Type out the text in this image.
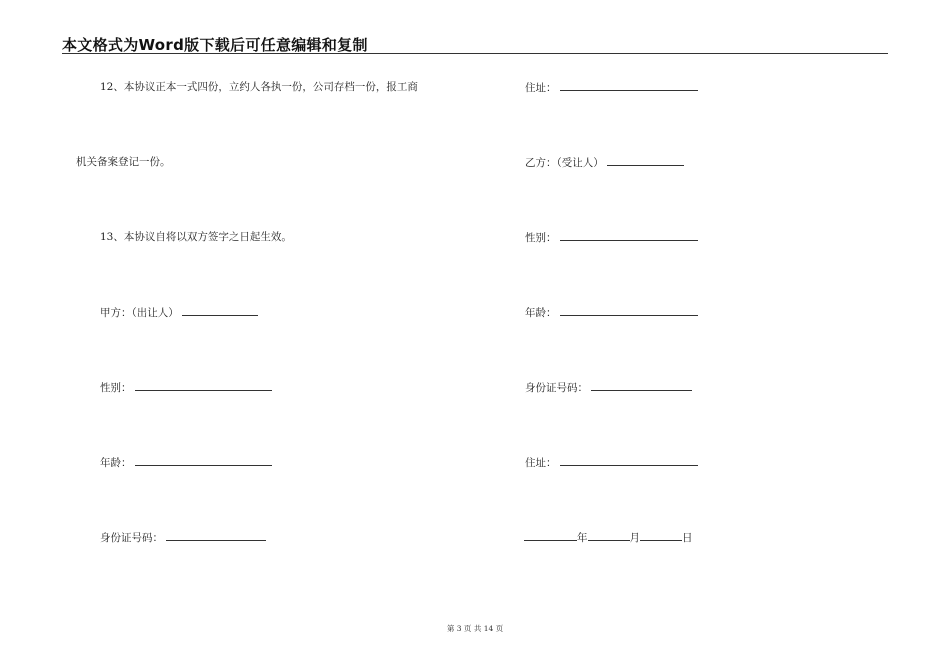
本文格式为Word版下载后可任意编辑和复制
12、本协议正本一式四份，立约人各执一份，公司存档一份，报工商
机关备案登记一份。
13、本协议自将以双方签字之日起生效。
甲方：（出让人）
性别：
年龄：
身份证号码：
住址：
乙方：（受让人）
性别：
年龄：
身份证号码：
住址：
年	月	日
第 3 页 共 14 页
